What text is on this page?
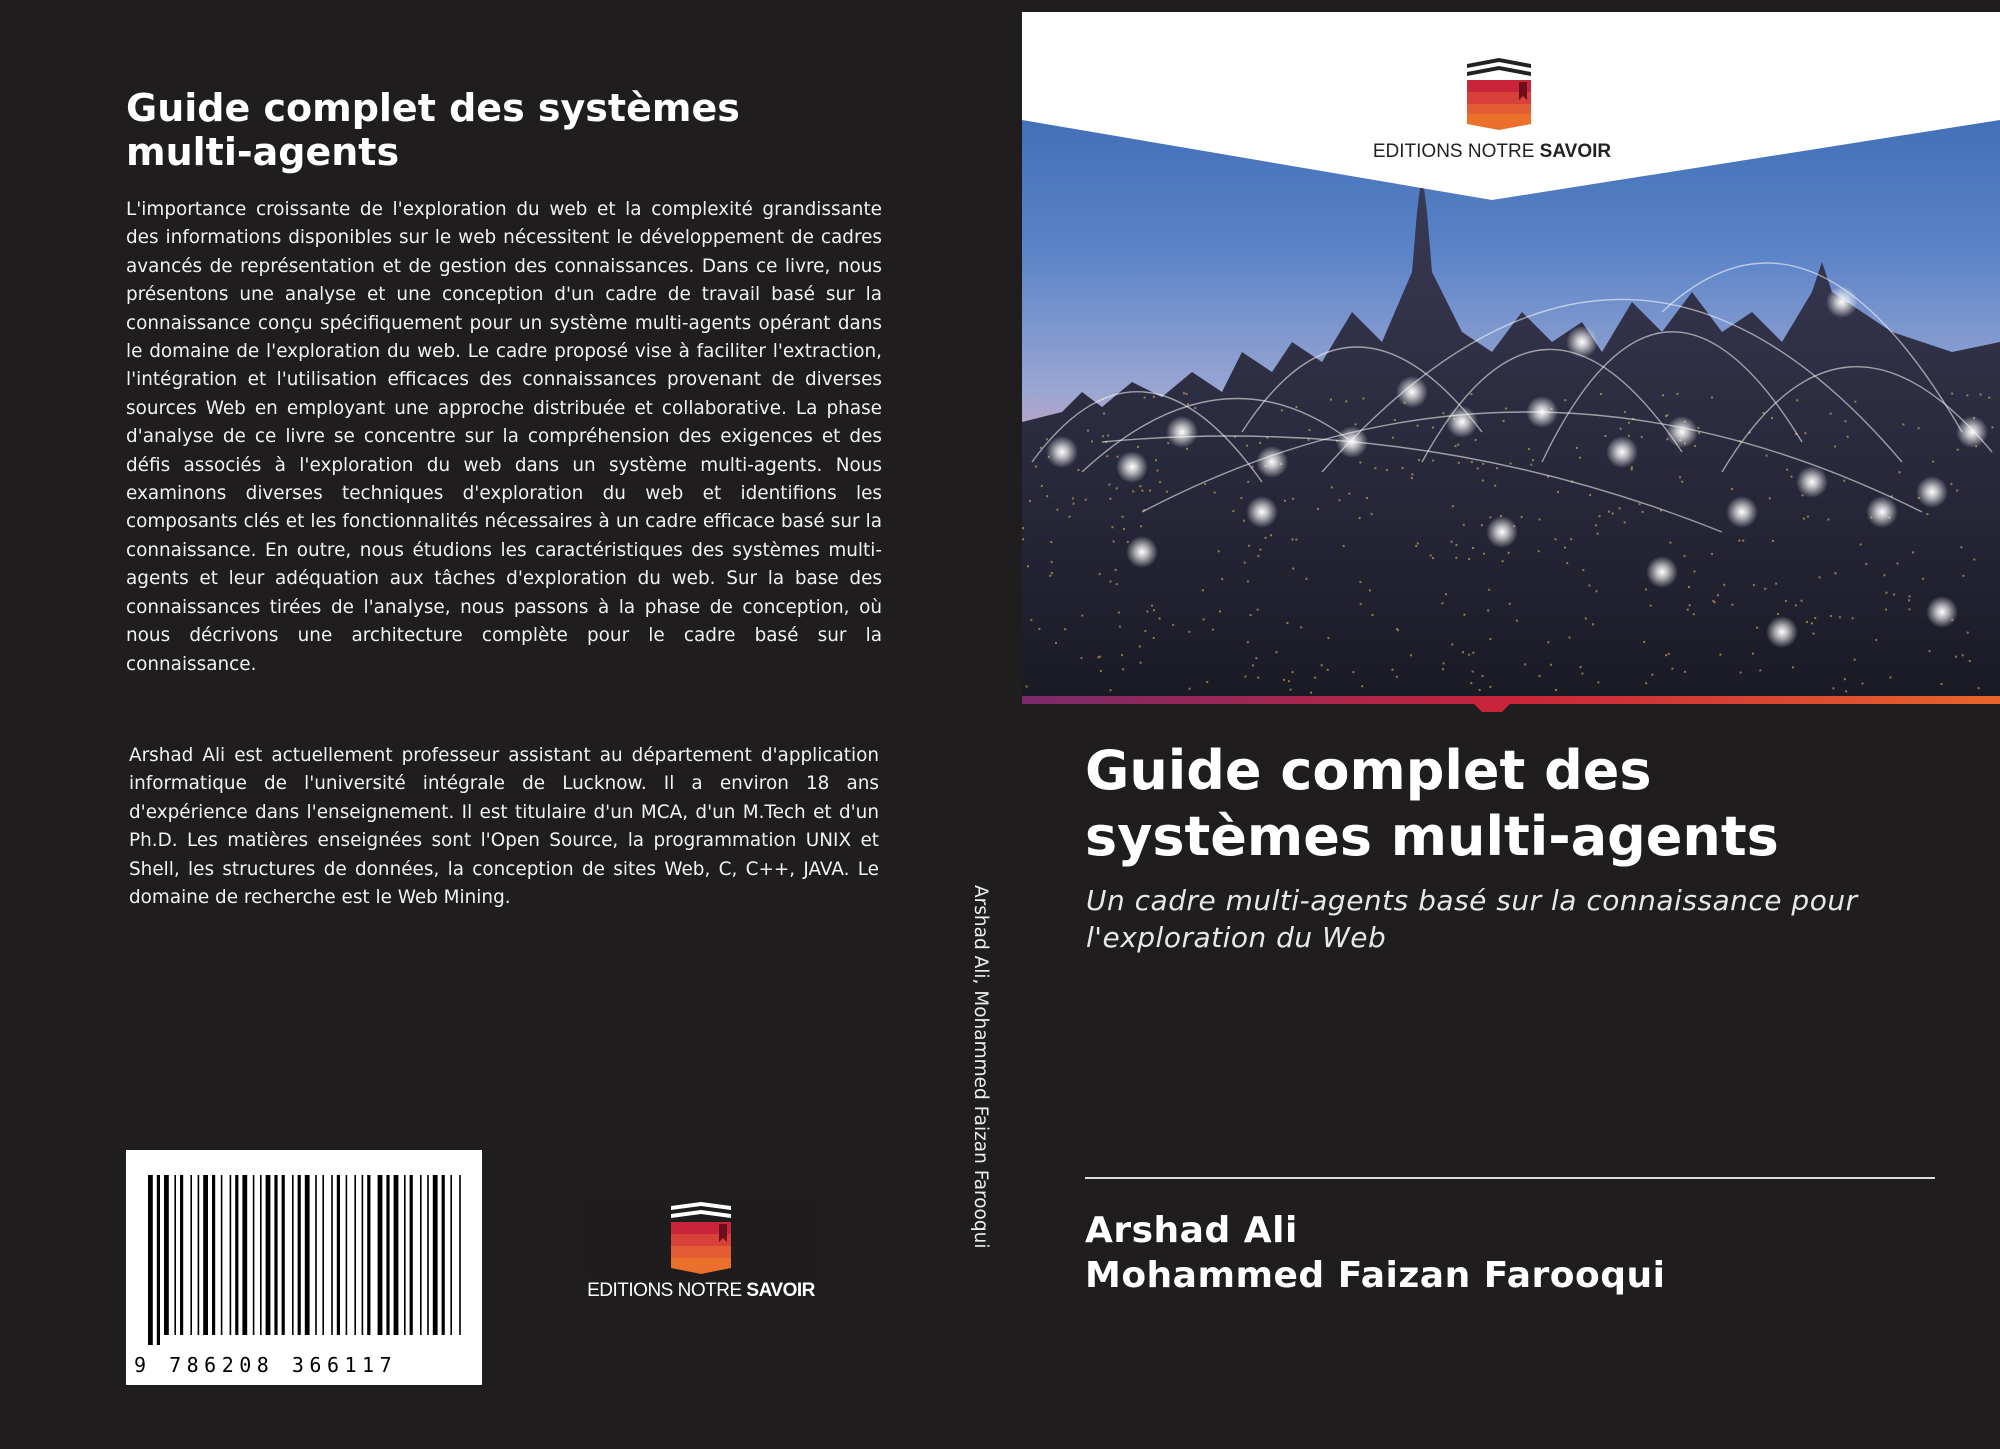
Guide complet des systèmes
multi-agents

L'importance croissante de l'exploration du web et la complexité grandissante des informations disponibles sur le web nécessitent le développement de cadres avancés de représentation et de gestion des connaissances. Dans ce livre, nous présentons une analyse et une conception d'un cadre de travail basé sur la connaissance conçu spécifiquement pour un système multi-agents opérant dans le domaine de l'exploration du web. Le cadre proposé vise à faciliter l'extraction, l'intégration et l'utilisation efficaces des connaissances provenant de diverses sources Web en employant une approche distribuée et collaborative. La phase d'analyse de ce livre se concentre sur la compréhension des exigences et des défis associés à l'exploration du web dans un système multi-agents. Nous examinons diverses techniques d'exploration du web et identifions les composants clés et les fonctionnalités nécessaires à un cadre efficace basé sur la connaissance. En outre, nous étudions les caractéristiques des systèmes multi-agents et leur adéquation aux tâches d'exploration du web. Sur la base des connaissances tirées de l'analyse, nous passons à la phase de conception, où nous décrivons une architecture complète pour le cadre basé sur la connaissance.

Arshad Ali est actuellement professeur assistant au département d'application informatique de l'université intégrale de Lucknow. Il a environ 18 ans d'expérience dans l'enseignement. Il est titulaire d'un MCA, d'un M.Tech et d'un Ph.D. Les matières enseignées sont l'Open Source, la programmation UNIX et Shell, les structures de données, la conception de sites Web, C, C++, JAVA. Le domaine de recherche est le Web Mining.

9 786208 366117
EDITIONS NOTRE SAVOIR
Arshad Ali, Mohammed Faizan Farooqui
EDITIONS NOTRE SAVOIR
Guide complet des
systèmes multi-agents

Un cadre multi-agents basé sur la connaissance pour l'exploration du Web

Arshad Ali

Mohammed Faizan Farooqui
